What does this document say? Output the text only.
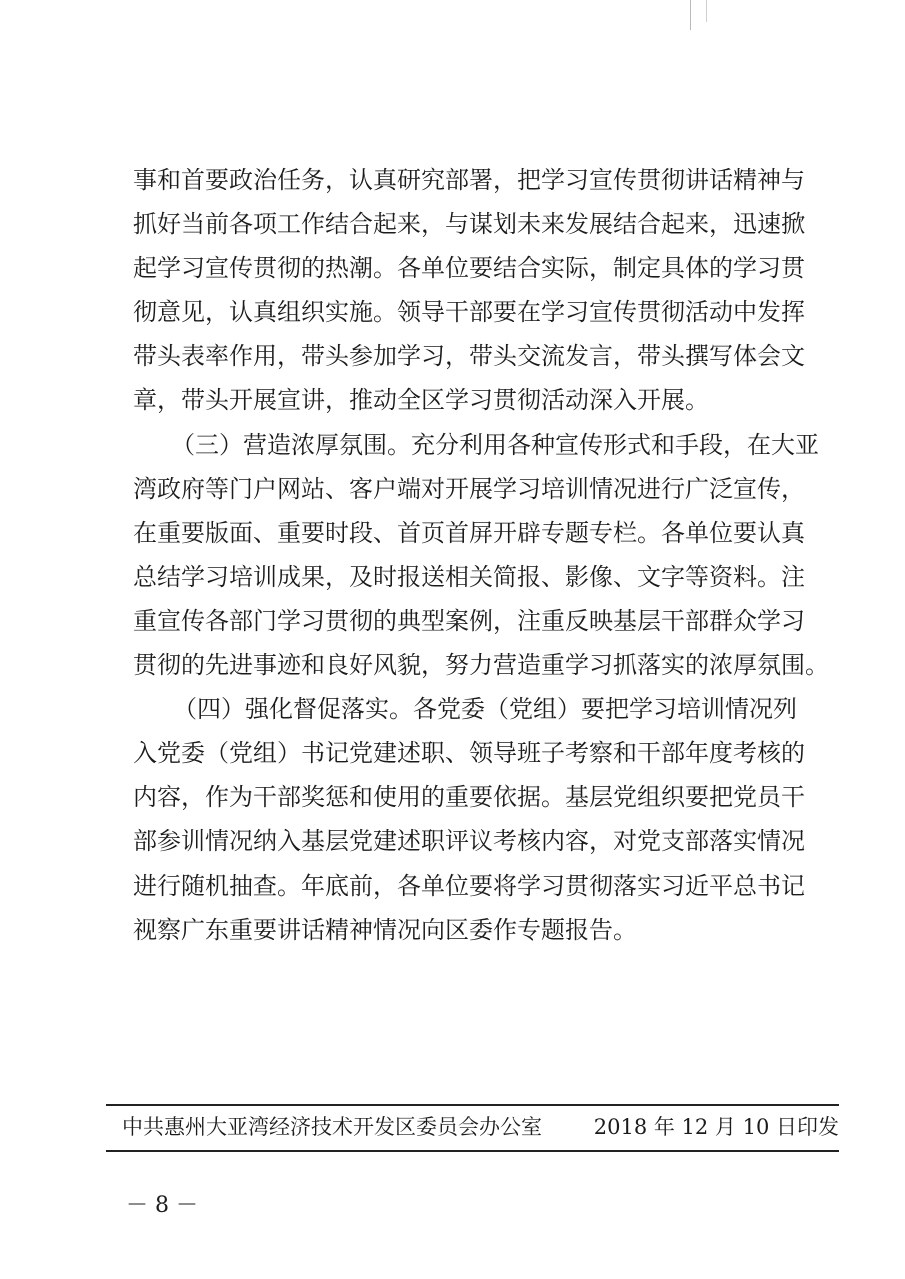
事和首要政治任务，认真研究部署，把学习宣传贯彻讲话精神与
抓好当前各项工作结合起来，与谋划未来发展结合起来，迅速掀
起学习宣传贯彻的热潮。各单位要结合实际，制定具体的学习贯
彻意见，认真组织实施。领导干部要在学习宣传贯彻活动中发挥
带头表率作用，带头参加学习，带头交流发言，带头撰写体会文
章，带头开展宣讲，推动全区学习贯彻活动深入开展。
（三）营造浓厚氛围。充分利用各种宣传形式和手段，在大亚
湾政府等门户网站、客户端对开展学习培训情况进行广泛宣传，
在重要版面、重要时段、首页首屏开辟专题专栏。各单位要认真
总结学习培训成果，及时报送相关简报、影像、文字等资料。注
重宣传各部门学习贯彻的典型案例，注重反映基层干部群众学习
贯彻的先进事迹和良好风貌，努力营造重学习抓落实的浓厚氛围。
（四）强化督促落实。各党委（党组）要把学习培训情况列
入党委（党组）书记党建述职、领导班子考察和干部年度考核的
内容，作为干部奖惩和使用的重要依据。基层党组织要把党员干
部参训情况纳入基层党建述职评议考核内容，对党支部落实情况
进行随机抽查。年底前，各单位要将学习贯彻落实习近平总书记
视察广东重要讲话精神情况向区委作专题报告。
中共惠州大亚湾经济技术开发区委员会办公室 2018 年 12 月 10 日印发
－ 8 －
